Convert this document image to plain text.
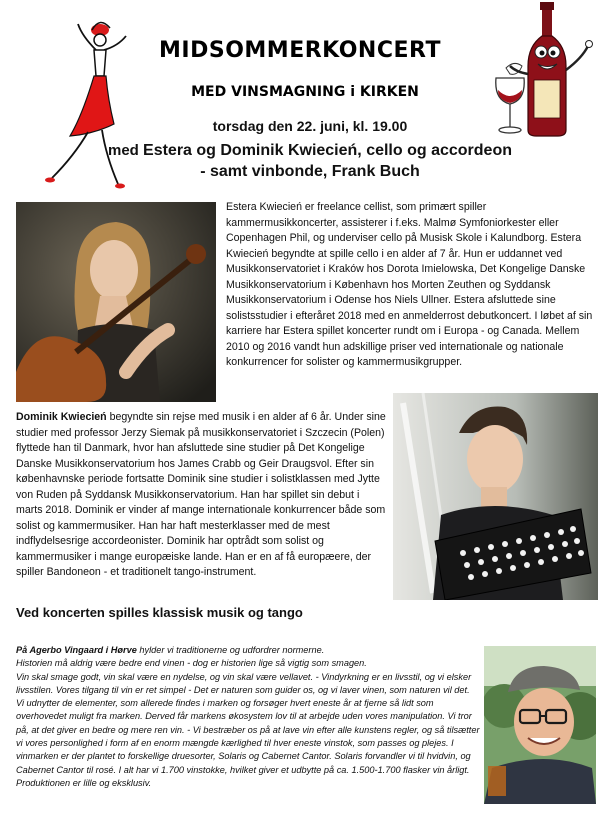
MIDSOMMERKONCERT
MED VINSMAGNING i KIRKEN
torsdag den 22. juni, kl. 19.00
med Estera og Dominik Kwiecień, cello og accordeon
- samt vinbonde, Frank Buch
Estera Kwiecień er freelance cellist, som primært spiller kammermusikkoncerter, assisterer i f.eks. Malmø Symfoniorkester eller Copenhagen Phil, og underviser cello på Musisk Skole i Kalundborg. Estera Kwiecień begyndte at spille cello i en alder af 7 år. Hun er uddannet ved Musikkonservatoriet i Kraków hos Dorota Imielowska, Det Kongelige Danske Musikkonservatorium i København hos Morten Zeuthen og Syddansk Musikkonservatorium i Odense hos Niels Ullner. Estera afsluttede sine solistsstudier i efteråret 2018 med en anmelderrost debutkoncert. I løbet af sin karriere har Estera spillet koncerter rundt om i Europa - og Canada. Mellem 2010 og 2016 vandt hun adskillige priser ved internationale og nationale konkurrencer for solister og kammermusikgrupper.
Dominik Kwiecień begyndte sin rejse med musik i en alder af 6 år. Under sine studier med professor Jerzy Siemak på musikkonservatoriet i Szczecin (Polen) flyttede han til Danmark, hvor han afsluttede sine studier på Det Kongelige Danske Musikkonservatorium hos James Crabb og Geir Draugsvol. Efter sin københavnske periode fortsatte Dominik sine studier i solistklassen med Jytte von Ruden på Syddansk Musikkonservatorium. Han har spillet sin debut i marts 2018. Dominik er vinder af mange internationale konkurrencer både som solist og kammermusiker. Han har haft mesterklasser med de mest indflydelsesrige accordeonister. Dominik har optrådt som solist og kammermusiker i mange europæiske lande. Han er en af få europæere, der spiller Bandoneon - et traditionelt tango-instrument.
Ved koncerten spilles klassisk musik og tango

På Agerbo Vingaard i Hørve hylder vi traditionerne og udfordrer normerne.

Historien må aldrig være bedre end vinen - dog er historien lige så vigtig som smagen.

Vin skal smage godt, vin skal være en nydelse, og vin skal være vellavet. - Vindyrkning er en livsstil, og vi elsker livsstilen. Vores tilgang til vin er ret simpel - Det er naturen som guider os, og vi laver vinen, som naturen vil det. Vi udnytter de elementer, som allerede findes i marken og forsøger hvert eneste år at fjerne så lidt som overhovedet muligt fra marken. Derved får markens økosystem lov til at arbejde uden vores manipulation. Vi tror på, at det giver en bedre og mere ren vin. - Vi bestræber os på at lave vin efter alle kunstens regler, og så tilsætter vi vores personlighed i form af en enorm mængde kærlighed til hver eneste vinstok, som passes og plejes. I vinmarken er der plantet to forskellige druesorter, Solaris og Cabernet Cantor. Solaris forvandler vi til hvidvin, og Cabernet Cantor til rosé. I alt har vi 1.700 vinstokke, hvilket giver et udbytte på ca. 1.500-1.700 flasker vin årligt. Produktionen er lille og eksklusiv.
